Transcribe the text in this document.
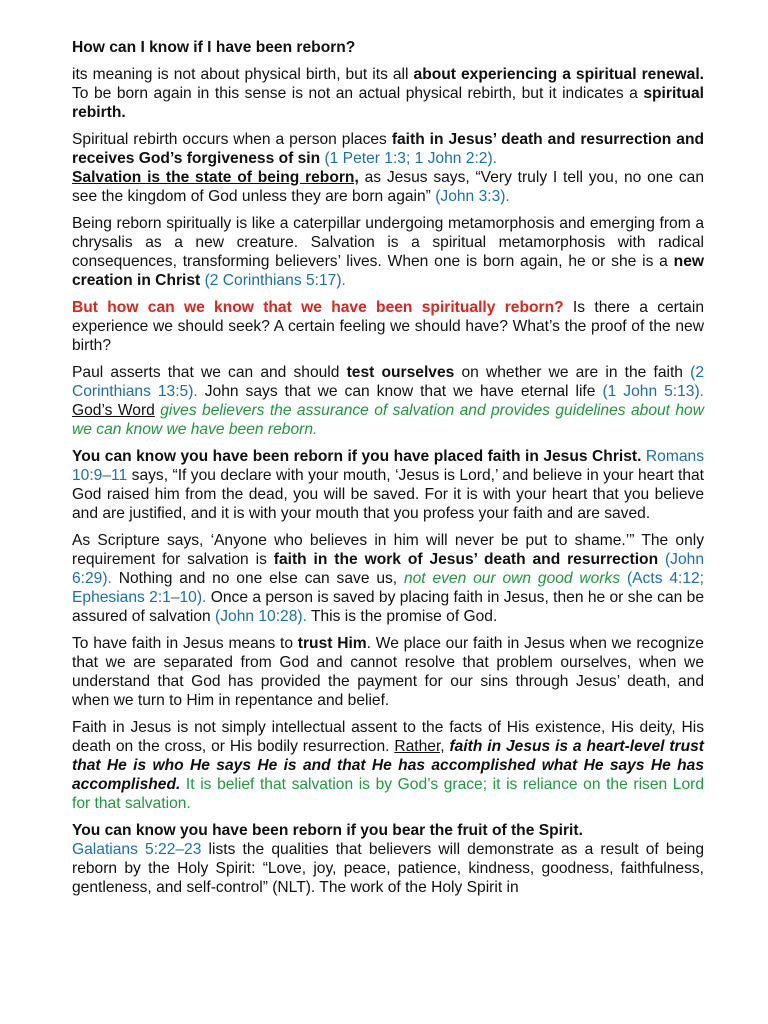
How can I know if I have been reborn?

its meaning is not about physical birth, but its all about experiencing a spiritual renewal. To be born again in this sense is not an actual physical rebirth, but it indicates a spiritual rebirth.

Spiritual rebirth occurs when a person places faith in Jesus’ death and resurrection and receives God’s forgiveness of sin (1 Peter 1:3; 1 John 2:2).
Salvation is the state of being reborn, as Jesus says, “Very truly I tell you, no one can see the kingdom of God unless they are born again” (John 3:3).

Being reborn spiritually is like a caterpillar undergoing metamorphosis and emerging from a chrysalis as a new creature. Salvation is a spiritual metamorphosis with radical consequences, transforming believers’ lives. When one is born again, he or she is a new creation in Christ (2 Corinthians 5:17).

But how can we know that we have been spiritually reborn? Is there a certain experience we should seek? A certain feeling we should have? What’s the proof of the new birth?

Paul asserts that we can and should test ourselves on whether we are in the faith (2 Corinthians 13:5). John says that we can know that we have eternal life (1 John 5:13). God’s Word gives believers the assurance of salvation and provides guidelines about how we can know we have been reborn.

You can know you have been reborn if you have placed faith in Jesus Christ. Romans 10:9–11 says, “If you declare with your mouth, ‘Jesus is Lord,’ and believe in your heart that God raised him from the dead, you will be saved. For it is with your heart that you believe and are justified, and it is with your mouth that you profess your faith and are saved.

As Scripture says, ‘Anyone who believes in him will never be put to shame.’” The only requirement for salvation is faith in the work of Jesus’ death and resurrection (John 6:29). Nothing and no one else can save us, not even our own good works (Acts 4:12; Ephesians 2:1–10). Once a person is saved by placing faith in Jesus, then he or she can be assured of salvation (John 10:28). This is the promise of God.

To have faith in Jesus means to trust Him. We place our faith in Jesus when we recognize that we are separated from God and cannot resolve that problem ourselves, when we understand that God has provided the payment for our sins through Jesus’ death, and when we turn to Him in repentance and belief.

Faith in Jesus is not simply intellectual assent to the facts of His existence, His deity, His death on the cross, or His bodily resurrection. Rather, faith in Jesus is a heart-level trust that He is who He says He is and that He has accomplished what He says He has accomplished. It is belief that salvation is by God’s grace; it is reliance on the risen Lord for that salvation.

You can know you have been reborn if you bear the fruit of the Spirit.
Galatians 5:22–23 lists the qualities that believers will demonstrate as a result of being reborn by the Holy Spirit: “Love, joy, peace, patience, kindness, goodness, faithfulness, gentleness, and self-control” (NLT). The work of the Holy Spirit in
